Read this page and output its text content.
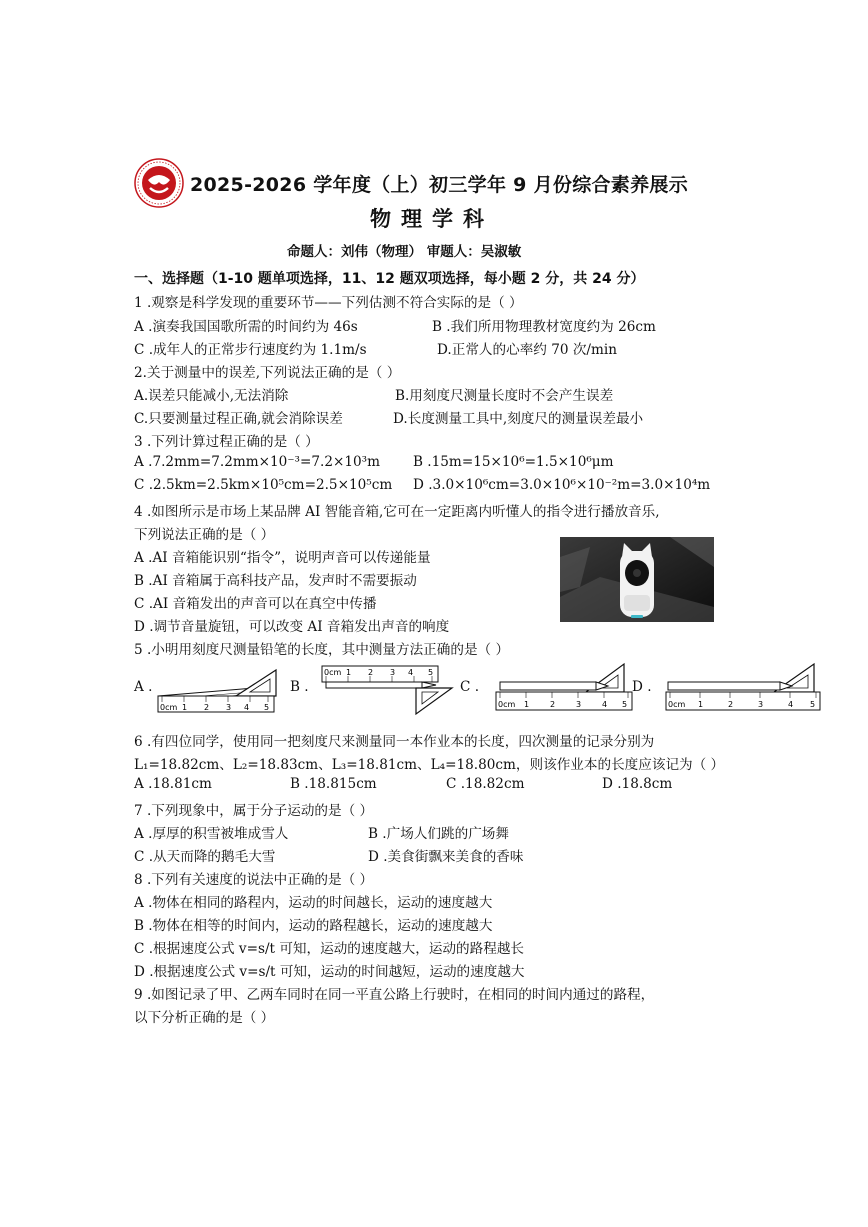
2025-2026 学年度（上）初三学年 9 月份综合素养展示
物理学科
命题人：刘伟（物理） 审题人：吴淑敏
一、选择题（1-10 题单项选择，11、12 题双项选择，每小题 2 分，共 24 分）
1 .观察是科学发现的重要环节——下列估测不符合实际的是（ ）
A .演奏我国国歌所需的时间约为 46s	B .我们所用物理教材宽度约为 26cm
C .成年人的正常步行速度约为 1.1m/s	D.正常人的心率约 70 次/min
2.关于测量中的误差,下列说法正确的是（ ）
A.误差只能减小,无法消除	B.用刻度尺测量长度时不会产生误差
C.只要测量过程正确,就会消除误差	D.长度测量工具中,刻度尺的测量误差最小
3 .下列计算过程正确的是（ ）
A .7.2mm=7.2mm×10⁻³=7.2×10³m B .15m=15×10⁶=1.5×10⁶μm
C .2.5km=2.5km×10⁵cm=2.5×10⁵cm D .3.0×10⁶cm=3.0×10⁶×10⁻²m=3.0×10⁴m
4 .如图所示是市场上某品牌 AI 智能音箱,它可在一定距离内听懂人的指令进行播放音乐,
下列说法正确的是（ ）
A .AI 音箱能识别“指令”，说明声音可以传递能量
B .AI 音箱属于高科技产品，发声时不需要振动
C .AI 音箱发出的声音可以在真空中传播
D .调节音量旋钮，可以改变 AI 音箱发出声音的响度
5 .小明用刻度尺测量铅笔的长度，其中测量方法正确的是（ ）
A .
0cm 1 2 3 4 5
B .
0cm 1 2 3 4 5
C .
0cm 1	2	3	4 5
D .
0cm 1	2	3	4 5
6 .有四位同学，使用同一把刻度尺来测量同一本作业本的长度，四次测量的记录分别为
L₁=18.82cm、L₂=18.83cm、L₃=18.81cm、L₄=18.80cm，则该作业本的长度应该记为（ ）
A .18.81cm	B .18.815cm	C .18.82cm	D .18.8cm
7 .下列现象中，属于分子运动的是（ ）
A .厚厚的积雪被堆成雪人	B .广场人们跳的广场舞
C .从天而降的鹅毛大雪	D .美食街飘来美食的香味
8 .下列有关速度的说法中正确的是（ ）
A .物体在相同的路程内，运动的时间越长，运动的速度越大
B .物体在相等的时间内，运动的路程越长，运动的速度越大
C .根据速度公式 v=s/t 可知，运动的速度越大，运动的路程越长
D .根据速度公式 v=s/t 可知，运动的时间越短，运动的速度越大
9 .如图记录了甲、乙两车同时在同一平直公路上行驶时，在相同的时间内通过的路程，
以下分析正确的是（ ）
